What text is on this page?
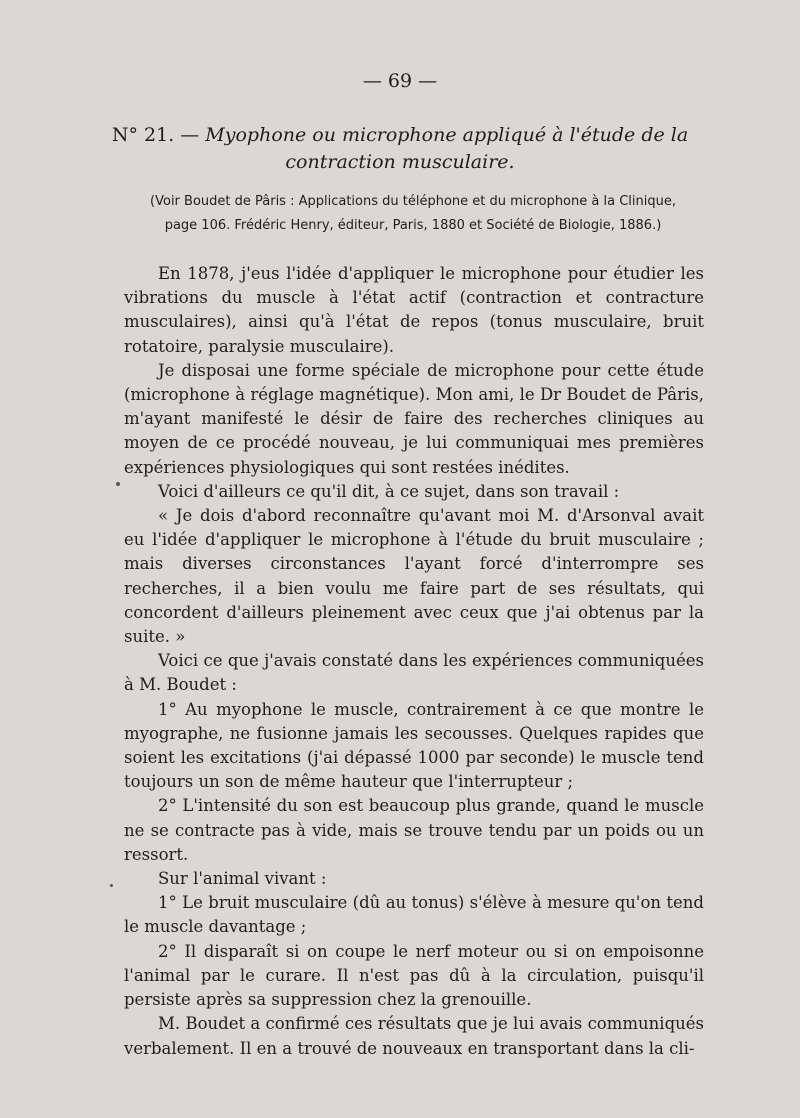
— 69 —
N° 21. — Myophone ou microphone appliqué à l'étude de la
contraction musculaire.
(Voir Boudet de Pâris : Applications du téléphone et du microphone à la Clinique,
page 106. Frédéric Henry, éditeur, Paris, 1880 et Société de Biologie, 1886.)

En 1878, j'eus l'idée d'appliquer le microphone pour étudier les vibrations du muscle à l'état actif (contraction et contracture musculaires), ainsi qu'à l'état de repos (tonus musculaire, bruit rotatoire, paralysie musculaire).

Je disposai une forme spéciale de microphone pour cette étude (microphone à réglage magnétique). Mon ami, le Dr Boudet de Pâris, m'ayant manifesté le désir de faire des recherches cliniques au moyen de ce procédé nouveau, je lui communiquai mes premières expériences physiologiques qui sont restées inédites.

Voici d'ailleurs ce qu'il dit, à ce sujet, dans son travail :

« Je dois d'abord reconnaître qu'avant moi M. d'Arsonval avait eu l'idée d'appliquer le microphone à l'étude du bruit musculaire ; mais diverses circonstances l'ayant forcé d'interrompre ses recherches, il a bien voulu me faire part de ses résultats, qui concordent d'ailleurs pleinement avec ceux que j'ai obtenus par la suite. »

Voici ce que j'avais constaté dans les expériences communiquées à M. Boudet :

1° Au myophone le muscle, contrairement à ce que montre le myographe, ne fusionne jamais les secousses. Quelques rapides que soient les excitations (j'ai dépassé 1000 par seconde) le muscle tend toujours un son de même hauteur que l'interrupteur ;

2° L'intensité du son est beaucoup plus grande, quand le muscle ne se contracte pas à vide, mais se trouve tendu par un poids ou un ressort.

Sur l'animal vivant :

1° Le bruit musculaire (dû au tonus) s'élève à mesure qu'on tend le muscle davantage ;

2° Il disparaît si on coupe le nerf moteur ou si on empoisonne l'animal par le curare. Il n'est pas dû à la circulation, puisqu'il persiste après sa suppression chez la grenouille.

M. Boudet a confirmé ces résultats que je lui avais communiqués verbalement. Il en a trouvé de nouveaux en transportant dans la cli-
